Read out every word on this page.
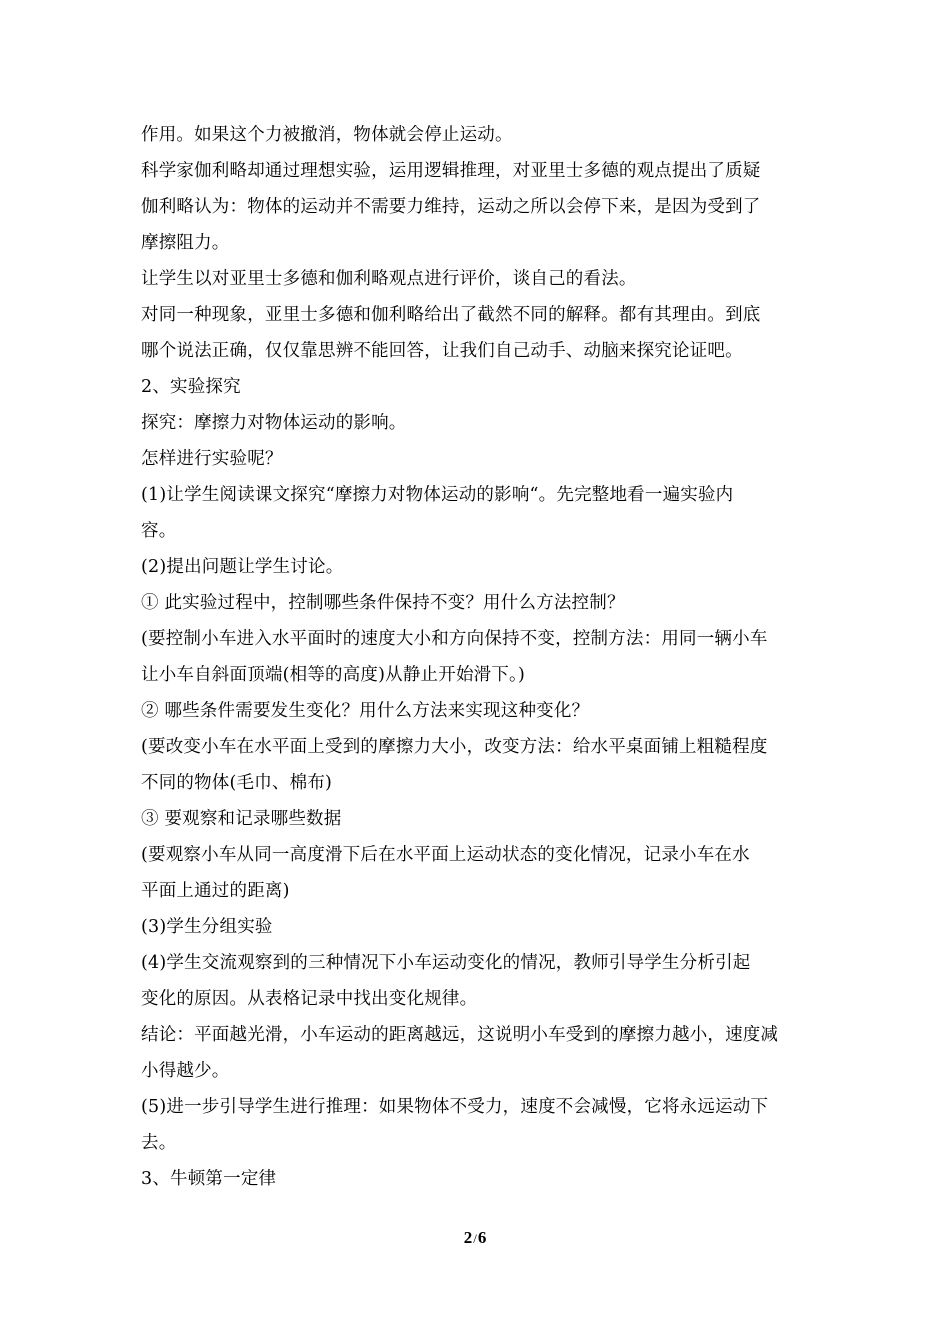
作用。如果这个力被撤消，物体就会停止运动。
科学家伽利略却通过理想实验，运用逻辑推理，对亚里士多德的观点提出了质疑
伽利略认为：物体的运动并不需要力维持，运动之所以会停下来，是因为受到了
摩擦阻力。
让学生以对亚里士多德和伽利略观点进行评价，谈自己的看法。
对同一种现象，亚里士多德和伽利略给出了截然不同的解释。都有其理由。到底
哪个说法正确，仅仅靠思辨不能回答，让我们自己动手、动脑来探究论证吧。
2、实验探究
探究：摩擦力对物体运动的影响。
怎样进行实验呢？
(1)让学生阅读课文探究“摩擦力对物体运动的影响“。先完整地看一遍实验内
容。
(2)提出问题让学生讨论。
① 此实验过程中，控制哪些条件保持不变？用什么方法控制？
(要控制小车进入水平面时的速度大小和方向保持不变，控制方法：用同一辆小车
让小车自斜面顶端(相等的高度)从静止开始滑下。)
② 哪些条件需要发生变化？用什么方法来实现这种变化？
(要改变小车在水平面上受到的摩擦力大小，改变方法：给水平桌面铺上粗糙程度
不同的物体(毛巾、棉布)
③ 要观察和记录哪些数据
(要观察小车从同一高度滑下后在水平面上运动状态的变化情况，记录小车在水
平面上通过的距离)
(3)学生分组实验
(4)学生交流观察到的三种情况下小车运动变化的情况，教师引导学生分析引起
变化的原因。从表格记录中找出变化规律。
结论：平面越光滑，小车运动的距离越远，这说明小车受到的摩擦力越小，速度减
小得越少。
(5)进一步引导学生进行推理：如果物体不受力，速度不会减慢，它将永远运动下
去。
3、牛顿第一定律
2/6
